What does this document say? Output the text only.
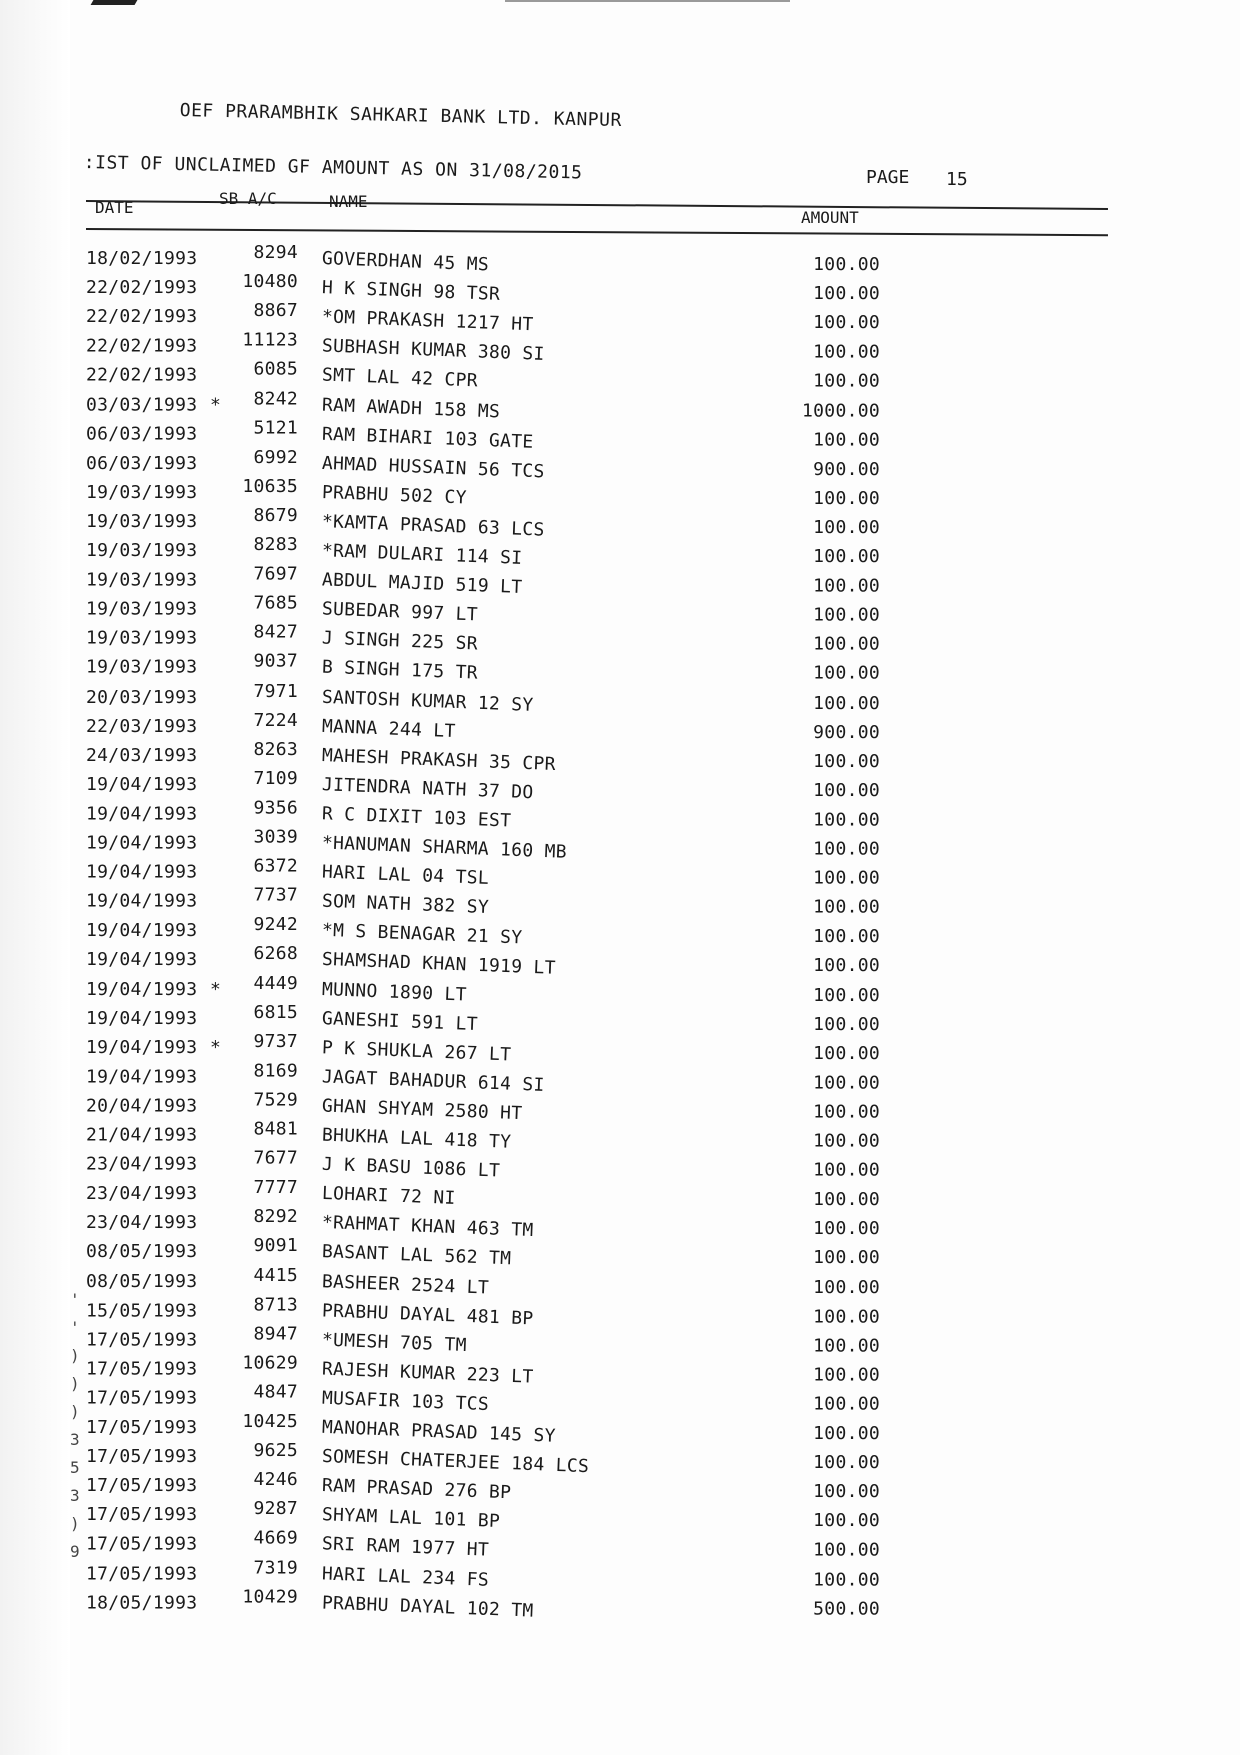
OEF PRARAMBHIK SAHKARI BANK LTD. KANPUR
:IST OF UNCLAIMED GF AMOUNT AS ON 31/08/2015	PAGE 15
DATE	SB A/C	NAME
AMOUNT
18/02/1993	8294 GOVERDHAN 45 MS	100.00
22/02/1993	10480 H K SINGH 98 TSR	100.00
22/02/1993	8867 *OM PRAKASH 1217 HT	100.00
22/02/1993	11123 SUBHASH KUMAR 380 SI	100.00
22/02/1993	6085 SMT LAL 42 CPR	100.00
03/03/1993 *	8242 RAM AWADH 158 MS	1000.00
06/03/1993	5121 RAM BIHARI 103 GATE	100.00
06/03/1993	6992 AHMAD HUSSAIN 56 TCS	900.00
19/03/1993	10635 PRABHU 502 CY	100.00
19/03/1993	8679 *KAMTA PRASAD 63 LCS	100.00
19/03/1993	8283 *RAM DULARI 114 SI	100.00
19/03/1993	7697 ABDUL MAJID 519 LT	100.00
19/03/1993	7685 SUBEDAR 997 LT	100.00
19/03/1993	8427 J SINGH 225 SR	100.00
19/03/1993	9037 B SINGH 175 TR	100.00
20/03/1993	7971 SANTOSH KUMAR 12 SY	100.00
22/03/1993	7224 MANNA 244 LT	900.00
24/03/1993	8263 MAHESH PRAKASH 35 CPR	100.00
19/04/1993	7109 JITENDRA NATH 37 DO	100.00
19/04/1993	9356 R C DIXIT 103 EST	100.00
19/04/1993	3039 *HANUMAN SHARMA 160 MB	100.00
19/04/1993	6372 HARI LAL 04 TSL	100.00
19/04/1993	7737 SOM NATH 382 SY	100.00
19/04/1993	9242 *M S BENAGAR 21 SY	100.00
19/04/1993	6268 SHAMSHAD KHAN 1919 LT	100.00
19/04/1993 *	4449 MUNNO 1890 LT	100.00
19/04/1993	6815 GANESHI 591 LT	100.00
19/04/1993 *	9737 P K SHUKLA 267 LT	100.00
19/04/1993	8169 JAGAT BAHADUR 614 SI	100.00
20/04/1993	7529 GHAN SHYAM 2580 HT	100.00
21/04/1993	8481 BHUKHA LAL 418 TY	100.00
23/04/1993	7677 J K BASU 1086 LT	100.00
23/04/1993	7777 LOHARI 72 NI	100.00
23/04/1993	8292 *RAHMAT KHAN 463 TM	100.00
08/05/1993	9091 BASANT LAL 562 TM	100.00
08/05/1993	4415 BASHEER 2524 LT	100.00
15/05/1993	8713 PRABHU DAYAL 481 BP	100.00
17/05/1993	8947 *UMESH 705 TM	100.00
17/05/1993	10629 RAJESH KUMAR 223 LT	100.00
17/05/1993	4847 MUSAFIR 103 TCS	100.00
17/05/1993	10425 MANOHAR PRASAD 145 SY	100.00
17/05/1993	9625 SOMESH CHATERJEE 184 LCS	100.00
17/05/1993	4246 RAM PRASAD 276 BP	100.00
17/05/1993	9287 SHYAM LAL 101 BP	100.00
17/05/1993	4669 SRI RAM 1977 HT	100.00
17/05/1993	7319 HARI LAL 234 FS	100.00
18/05/1993	10429 PRABHU DAYAL 102 TM	500.00
'
'
)
)
)
3
5
3
)
9
